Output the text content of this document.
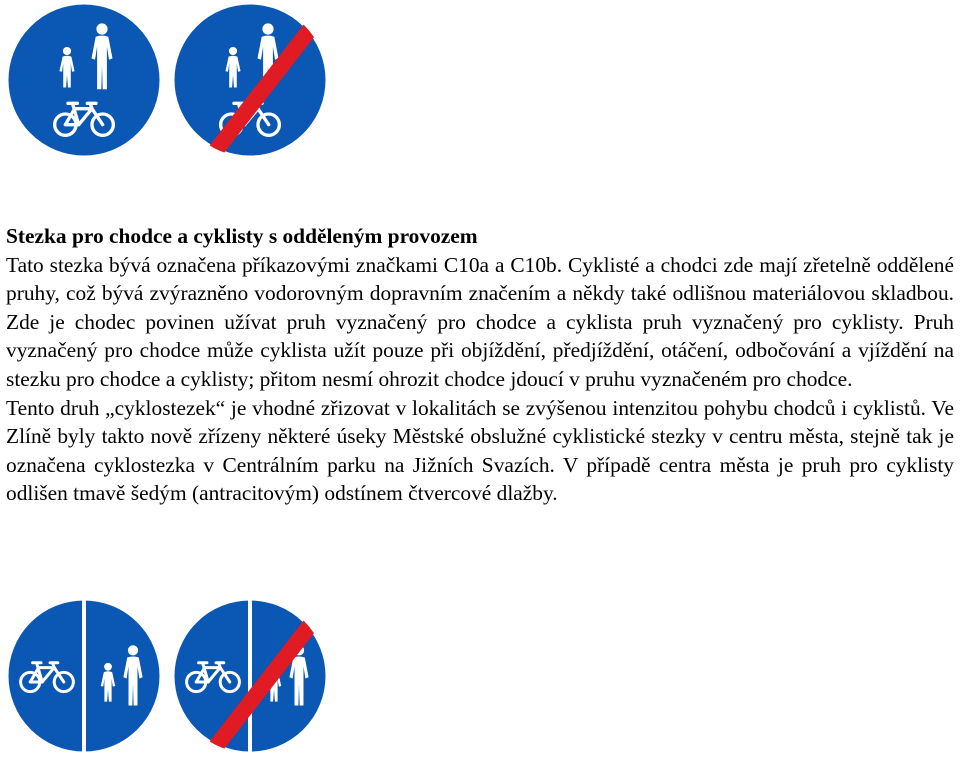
Stezka pro chodce a cyklisty s odděleným provozem

Tato stezka bývá označena příkazovými značkami C10a a C10b. Cyklisté a chodci zde mají zřetelně oddělené pruhy, což bývá zvýrazněno vodorovným dopravním značením a někdy také odlišnou materiálovou skladbou. Zde je chodec povinen užívat pruh vyznačený pro chodce a cyklista pruh vyznačený pro cyklisty. Pruh vyznačený pro chodce může cyklista užít pouze při objíždění, předjíždění, otáčení, odbočování a vjíždění na stezku pro chodce a cyklisty; přitom nesmí ohrozit chodce jdoucí v pruhu vyznačeném pro chodce.

Tento druh „cyklostezek“ je vhodné zřizovat v lokalitách se zvýšenou intenzitou pohybu chodců i cyklistů. Ve Zlíně byly takto nově zřízeny některé úseky Městské obslužné cyklistické stezky v centru města, stejně tak je označena cyklostezka v Centrálním parku na Jižních Svazích. V případě centra města je pruh pro cyklisty odlišen tmavě šedým (antracitovým) odstínem čtvercové dlažby.
